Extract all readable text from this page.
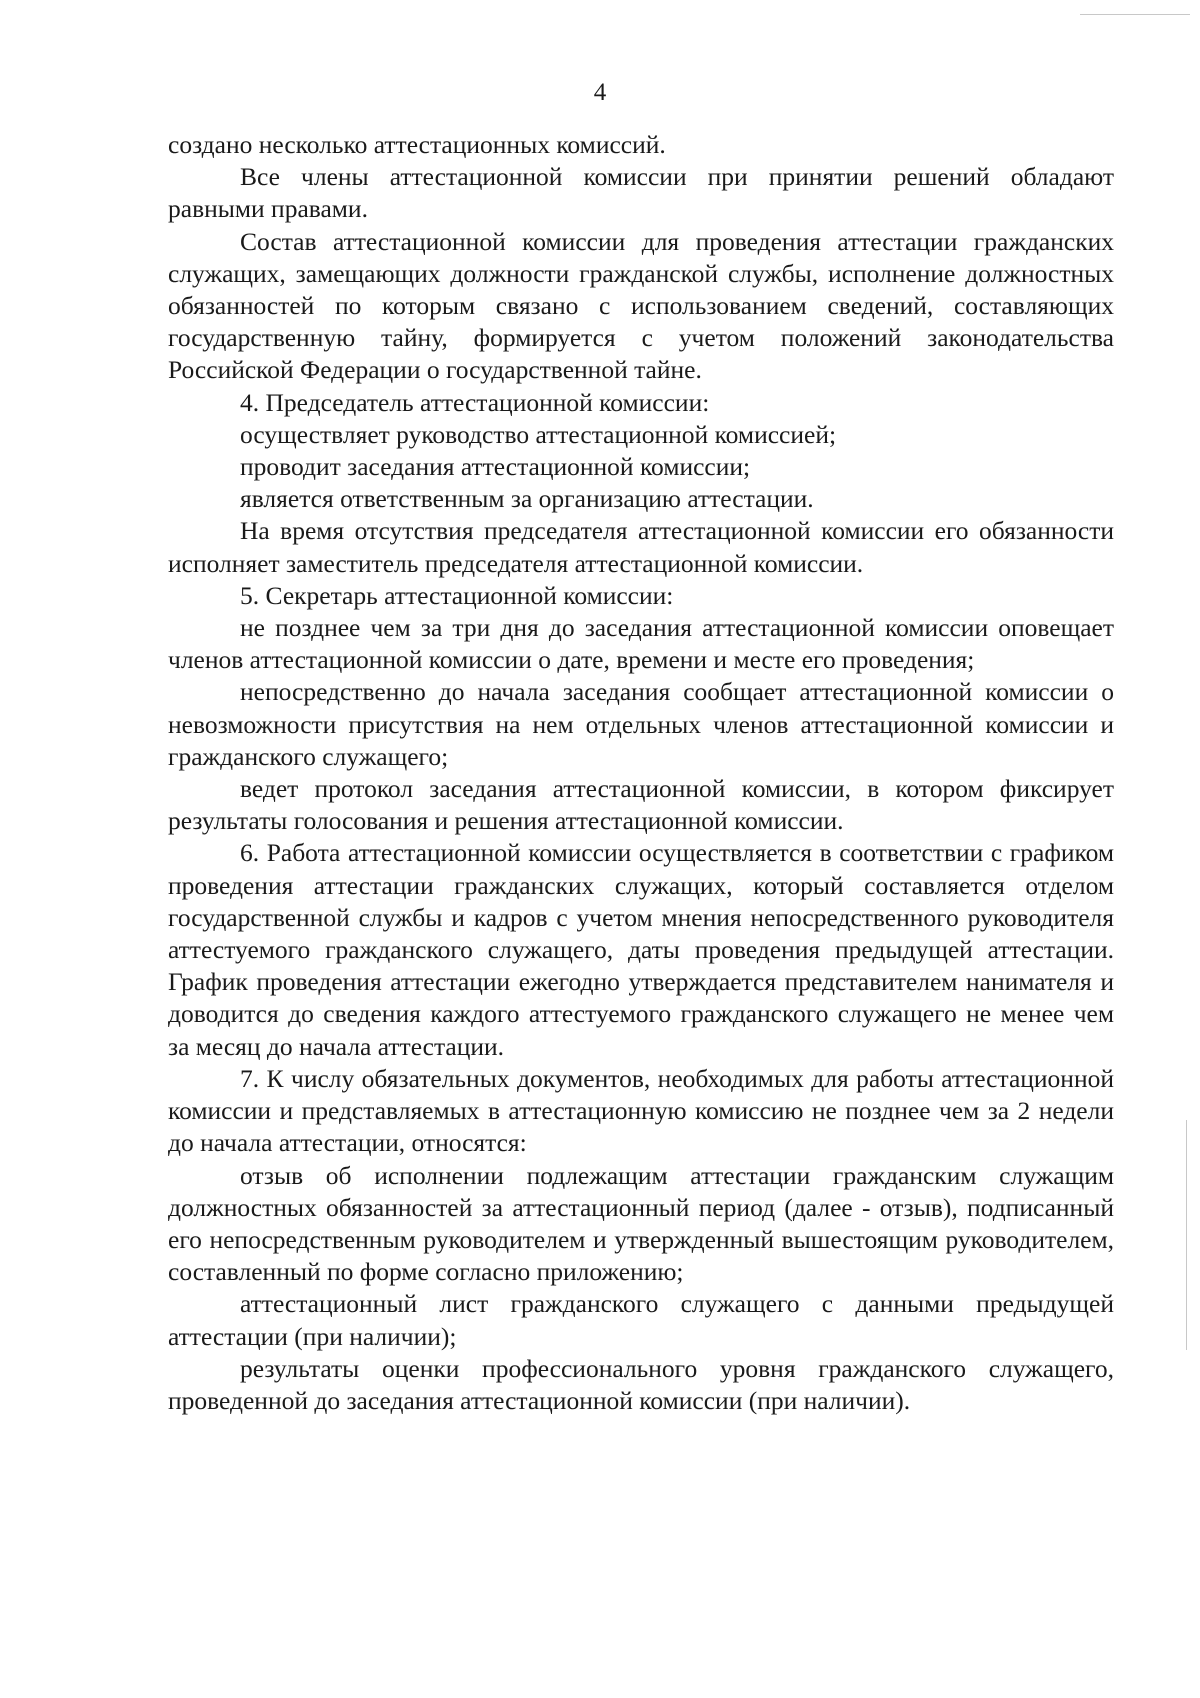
4

создано несколько аттестационных комиссий.

Все члены аттестационной комиссии при принятии решений обладают равными правами.

Состав аттестационной комиссии для проведения аттестации гражданских служащих, замещающих должности гражданской службы, исполнение должностных обязанностей по которым связано с использованием сведений, составляющих государственную тайну, формируется с учетом положений законодательства Российской Федерации о государственной тайне.

4. Председатель аттестационной комиссии:

осуществляет руководство аттестационной комиссией;

проводит заседания аттестационной комиссии;

является ответственным за организацию аттестации.

На время отсутствия председателя аттестационной комиссии его обязанности исполняет заместитель председателя аттестационной комиссии.

5. Секретарь аттестационной комиссии:

не позднее чем за три дня до заседания аттестационной комиссии оповещает членов аттестационной комиссии о дате, времени и месте его проведения;

непосредственно до начала заседания сообщает аттестационной комиссии о невозможности присутствия на нем отдельных членов аттестационной комиссии и гражданского служащего;

ведет протокол заседания аттестационной комиссии, в котором фиксирует результаты голосования и решения аттестационной комиссии.

6. Работа аттестационной комиссии осуществляется в соответствии с графиком проведения аттестации гражданских служащих, который составляется отделом государственной службы и кадров с учетом мнения непосредственного руководителя аттестуемого гражданского служащего, даты проведения предыдущей аттестации. График проведения аттестации ежегодно утверждается представителем нанимателя и доводится до сведения каждого аттестуемого гражданского служащего не менее чем за месяц до начала аттестации.

7. К числу обязательных документов, необходимых для работы аттестационной комиссии и представляемых в аттестационную комиссию не позднее чем за 2 недели до начала аттестации, относятся:

отзыв об исполнении подлежащим аттестации гражданским служащим должностных обязанностей за аттестационный период (далее - отзыв), подписанный его непосредственным руководителем и утвержденный вышестоящим руководителем, составленный по форме согласно приложению;

аттестационный лист гражданского служащего с данными предыдущей аттестации (при наличии);

результаты оценки профессионального уровня гражданского служащего, проведенной до заседания аттестационной комиссии (при наличии).
